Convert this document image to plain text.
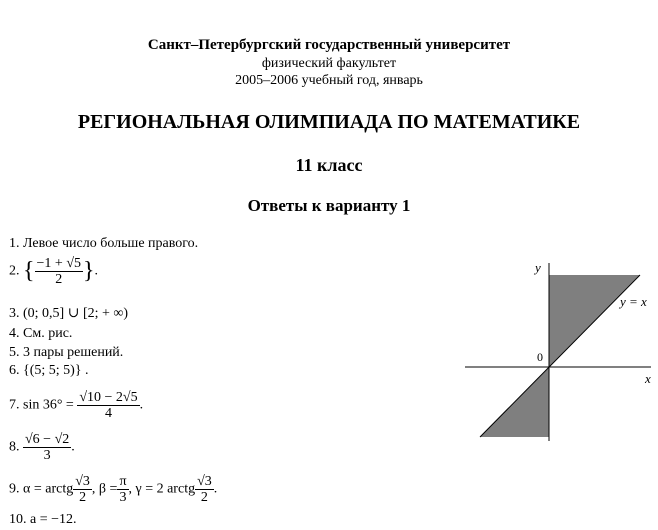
Санкт–Петербургский государственный университет
физический факультет
2005–2006 учебный год, январь
РЕГИОНАЛЬНАЯ ОЛИМПИАДА ПО МАТЕМАТИКЕ
11 класс
Ответы к варианту 1
1. Левое число больше правого.
2. { $\frac{-1 + √5}{2}$ }.
3. (0; 0,5] ∪ [2; + ∞)
4. См. рис.
5. 3 пары решений.
6. {(5; 5; 5)} .
7. $\sin 36^\circ = \frac{√10 - 2√5}{4}$ .
8. $\frac{√6 - √2}{3}$ .
9. α = arctg $\frac{√3}{2}$ , $\beta = \frac{\pi}{3}$ , γ = 2 arctg $\frac{√3}{2}$ .
10. a = −12.
y
x
0
y = x
